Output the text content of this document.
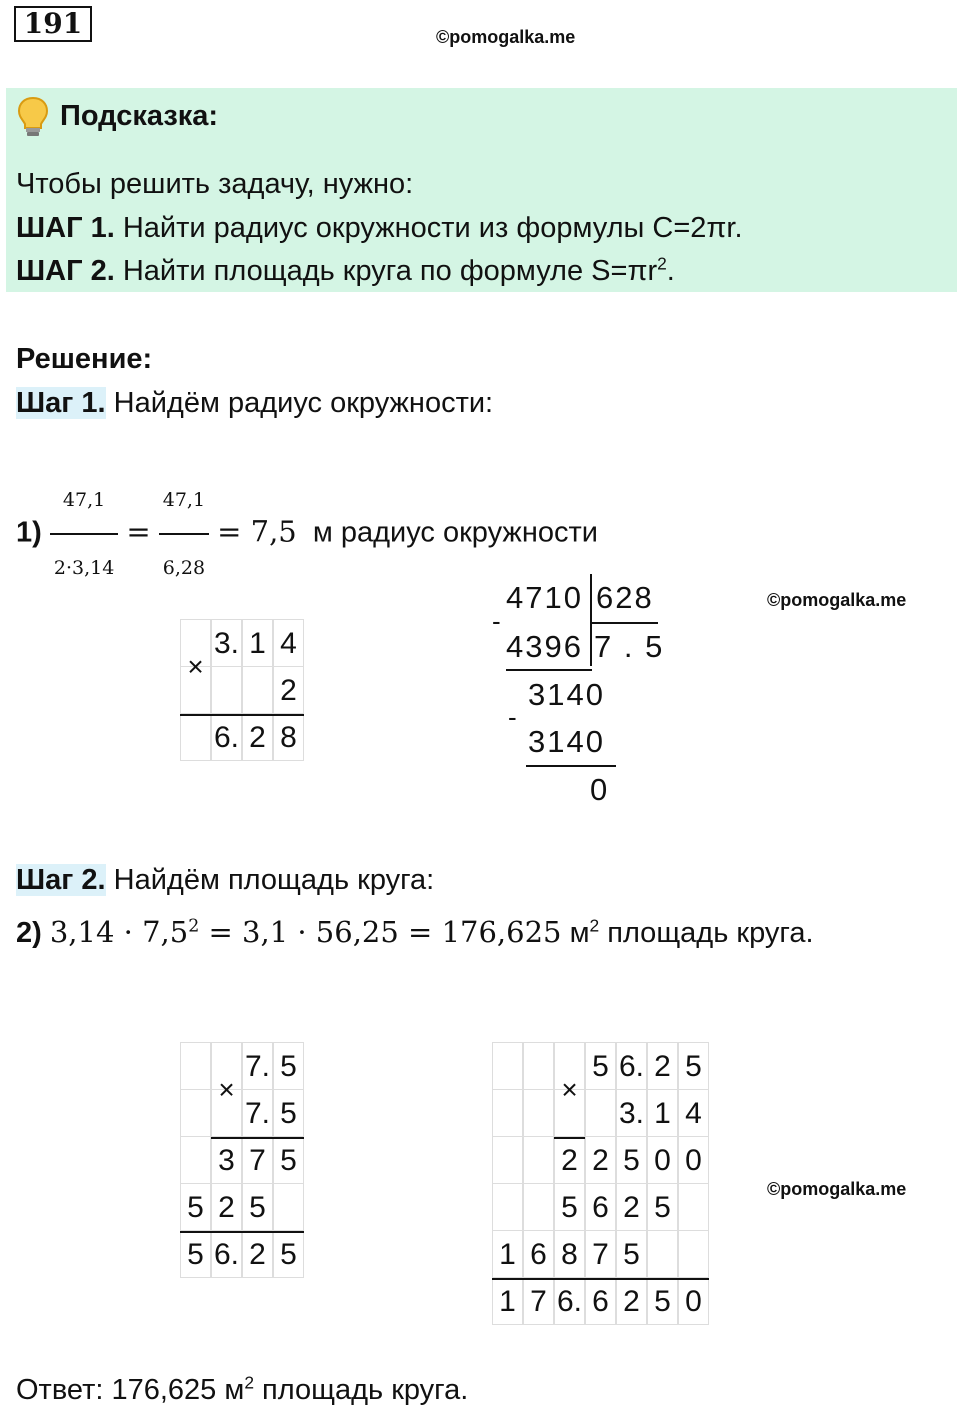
191	©pomogalka.me
Подсказка:
Чтобы решить задачу, нужно:
ШАГ 1. Найти радиус окружности из формулы С=2πr.
ШАГ 2. Найти площадь круга по формуле $S=\pi r^2$.
Решение:
Шаг 1. Найдём радиус окружности:
$1) \frac{47,1}{2\cdot 3,14} = \frac{47,1}{6,28} = 7,5$ м радиус окружности
8
2
6.
2
4
1
3.
×
4710 628
-
4396 7 . 5
3140
-
3140
0
©pomogalka.me
Шаг 2. Найдём площадь круга:
2) $3,14 \cdot 7,5^2 = 3,1 \cdot 56,25 = 176,625$ $м^2$ площадь круга.
5
2
6.
5
5
2
5
5
7
3
5
7.
5
7.
×
0
5
2
6
6.
7
1
5
7
8
6
1
5
2
6
5
0
0
5
2
2
4
1
3.
5
2
6.
5
×
©pomogalka.me
Ответ: 176,625 $м^2$ площадь круга.
